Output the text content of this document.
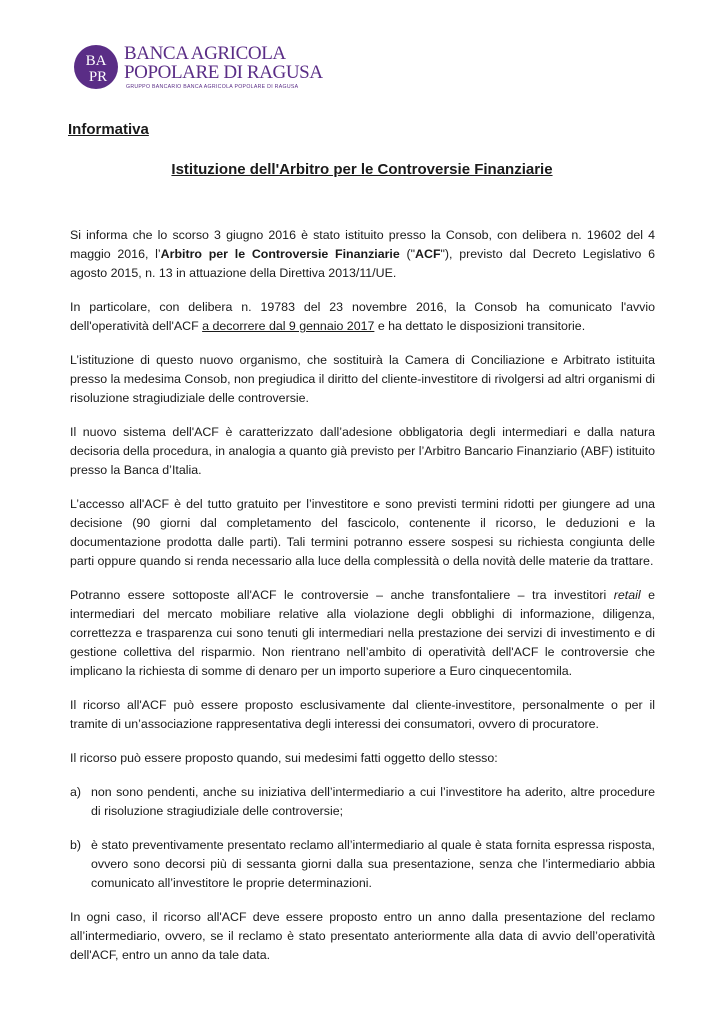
BA
PR
BANCA AGRICOLA
POPOLARE DI RAGUSA
GRUPPO BANCARIO BANCA AGRICOLA POPOLARE DI RAGUSA
Informativa
Istituzione dell'Arbitro per le Controversie Finanziarie

Si informa che lo scorso 3 giugno 2016 è stato istituito presso la Consob, con delibera n. 19602 del 4 maggio 2016, l’Arbitro per le Controversie Finanziarie ("ACF"), previsto dal Decreto Legislativo 6 agosto 2015, n. 13 in attuazione della Direttiva 2013/11/UE.

In particolare, con delibera n. 19783 del 23 novembre 2016, la Consob ha comunicato l'avvio dell'operatività dell'ACF a decorrere dal 9 gennaio 2017 e ha dettato le disposizioni transitorie.

L’istituzione di questo nuovo organismo, che sostituirà la Camera di Conciliazione e Arbitrato istituita presso la medesima Consob, non pregiudica il diritto del cliente-investitore di rivolgersi ad altri organismi di risoluzione stragiudiziale delle controversie.

Il nuovo sistema dell'ACF è caratterizzato dall’adesione obbligatoria degli intermediari e dalla natura decisoria della procedura, in analogia a quanto già previsto per l’Arbitro Bancario Finanziario (ABF) istituito presso la Banca d’Italia.

L’accesso all'ACF è del tutto gratuito per l’investitore e sono previsti termini ridotti per giungere ad una decisione (90 giorni dal completamento del fascicolo, contenente il ricorso, le deduzioni e la documentazione prodotta dalle parti). Tali termini potranno essere sospesi su richiesta congiunta delle parti oppure quando si renda necessario alla luce della complessità o della novità delle materie da trattare.

Potranno essere sottoposte all'ACF le controversie – anche transfontaliere – tra investitori retail e intermediari del mercato mobiliare relative alla violazione degli obblighi di informazione, diligenza, correttezza e trasparenza cui sono tenuti gli intermediari nella prestazione dei servizi di investimento e di gestione collettiva del risparmio. Non rientrano nell’ambito di operatività dell'ACF le controversie che implicano la richiesta di somme di denaro per un importo superiore a Euro cinquecentomila.

Il ricorso all'ACF può essere proposto esclusivamente dal cliente-investitore, personalmente o per il tramite di un’associazione rappresentativa degli interessi dei consumatori, ovvero di procuratore.

Il ricorso può essere proposto quando, sui medesimi fatti oggetto dello stesso:

a) non sono pendenti, anche su iniziativa dell’intermediario a cui l’investitore ha aderito, altre procedure di risoluzione stragiudiziale delle controversie;
b) è stato preventivamente presentato reclamo all’intermediario al quale è stata fornita espressa risposta, ovvero sono decorsi più di sessanta giorni dalla sua presentazione, senza che l’intermediario abbia comunicato all’investitore le proprie determinazioni.

In ogni caso, il ricorso all'ACF deve essere proposto entro un anno dalla presentazione del reclamo all’intermediario, ovvero, se il reclamo è stato presentato anteriormente alla data di avvio dell’operatività dell'ACF, entro un anno da tale data.
